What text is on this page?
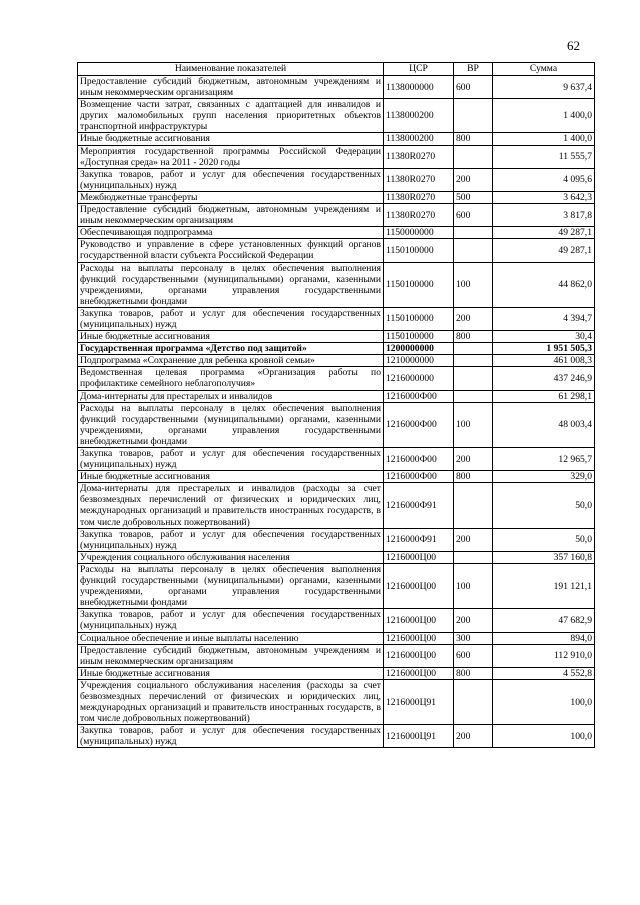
62
Наименование показателей	ЦСР	ВР	Сумма
Предоставление субсидий бюджетным, автономным учреждениям и иным некоммерческим организациям	1138000000	600	9 637,4
Возмещение части затрат, связанных с адаптацией для инвалидов и других маломобильных групп населения приоритетных объектов транспортной инфраструктуры	1138000200		1 400,0
Иные бюджетные ассигнования	1138000200	800	1 400,0
Мероприятия государственной программы Российской Федерации «Доступная среда» на 2011 - 2020 годы	11380R0270		11 555,7
Закупка товаров, работ и услуг для обеспечения государственных (муниципальных) нужд	11380R0270	200	4 095,6
Межбюджетные трансферты	11380R0270	500	3 642,3
Предоставление субсидий бюджетным, автономным учреждениям и иным некоммерческим организациям	11380R0270	600	3 817,8
Обеспечивающая подпрограмма	1150000000		49 287,1
Руководство и управление в сфере установленных функций органов государственной власти субъекта Российской Федерации	1150100000		49 287,1
Расходы на выплаты персоналу в целях обеспечения выполнения функций государственными (муниципальными) органами, казенными учреждениями, органами управления государственными внебюджетными фондами	1150100000	100	44 862,0
Закупка товаров, работ и услуг для обеспечения государственных (муниципальных) нужд	1150100000	200	4 394,7
Иные бюджетные ассигнования	1150100000	800	30,4
Государственная программа «Детство под защитой»	1200000000		1 951 505,3
Подпрограмма «Сохранение для ребенка кровной семьи»	1210000000		461 008,3
Ведомственная целевая программа «Организация работы по профилактике семейного неблагополучия»	1216000000		437 246,9
Дома-интернаты для престарелых и инвалидов	1216000Ф00		61 298,1
Расходы на выплаты персоналу в целях обеспечения выполнения функций государственными (муниципальными) органами, казенными учреждениями, органами управления государственными внебюджетными фондами	1216000Ф00	100	48 003,4
Закупка товаров, работ и услуг для обеспечения государственных (муниципальных) нужд	1216000Ф00	200	12 965,7
Иные бюджетные ассигнования	1216000Ф00	800	329,0
Дома-интернаты для престарелых и инвалидов (расходы за счет безвозмездных перечислений от физических и юридических лиц, международных организаций и правительств иностранных государств, в том числе добровольных пожертвований)	1216000Ф91		50,0
Закупка товаров, работ и услуг для обеспечения государственных (муниципальных) нужд	1216000Ф91	200	50,0
Учреждения социального обслуживания населения	1216000Ц00		357 160,8
Расходы на выплаты персоналу в целях обеспечения выполнения функций государственными (муниципальными) органами, казенными учреждениями, органами управления государственными внебюджетными фондами	1216000Ц00	100	191 121,1
Закупка товаров, работ и услуг для обеспечения государственных (муниципальных) нужд	1216000Ц00	200	47 682,9
Социальное обеспечение и иные выплаты населению	1216000Ц00	300	894,0
Предоставление субсидий бюджетным, автономным учреждениям и иным некоммерческим организациям	1216000Ц00	600	112 910,0
Иные бюджетные ассигнования	1216000Ц00	800	4 552,8
Учреждения социального обслуживания населения (расходы за счет безвозмездных перечислений от физических и юридических лиц, международных организаций и правительств иностранных государств, в том числе добровольных пожертвований)	1216000Ц91		100,0
Закупка товаров, работ и услуг для обеспечения государственных (муниципальных) нужд	1216000Ц91	200	100,0
